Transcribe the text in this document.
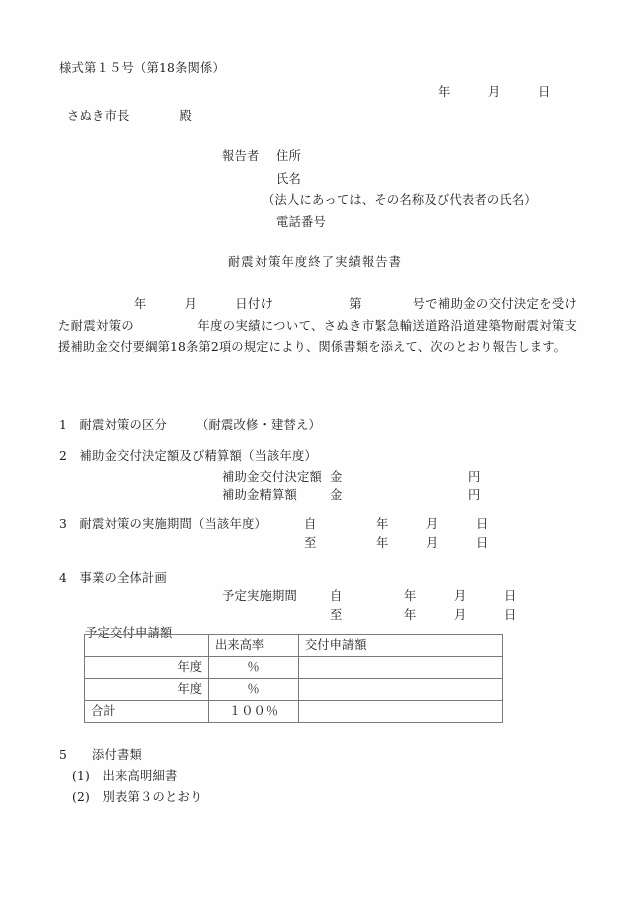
様式第１５号（第18条関係）
年　　　月　　　日
さぬき市長　　　　殿
報告者 住所
氏名
（法人にあっては、その名称及び代表者の氏名）
電話番号
耐震対策年度終了実績報告書
　　　　　　年　　　月　　　日付け　　　　　　第　　　　号で補助金の交付決定を受けた耐震対策の　　　　　年度の実績について、さぬき市緊急輸送道路沿道建築物耐震対策支援補助金交付要綱第18条第2項の規定により、関係書類を添えて、次のとおり報告します。
1　 耐震対策の区分 （耐震改修・建替え）
2　 補助金交付決定額及び精算額（当該年度）
補助金交付決定額 金	円
補助金精算額	金	円
3　 耐震対策の実施期間（当該年度）	自	年　　　月　　　日
至	年　　　月　　　日
4　 事業の全体計画
予定実施期間	自	年　　　月　　　日
至	年　　　月　　　日
予定交付申請額
	出来高率	交付申請額
年度	％	
年度	％	
合計	１００％	
5　　 添付書類
(1)　出来高明細書
(2)　別表第３のとおり
